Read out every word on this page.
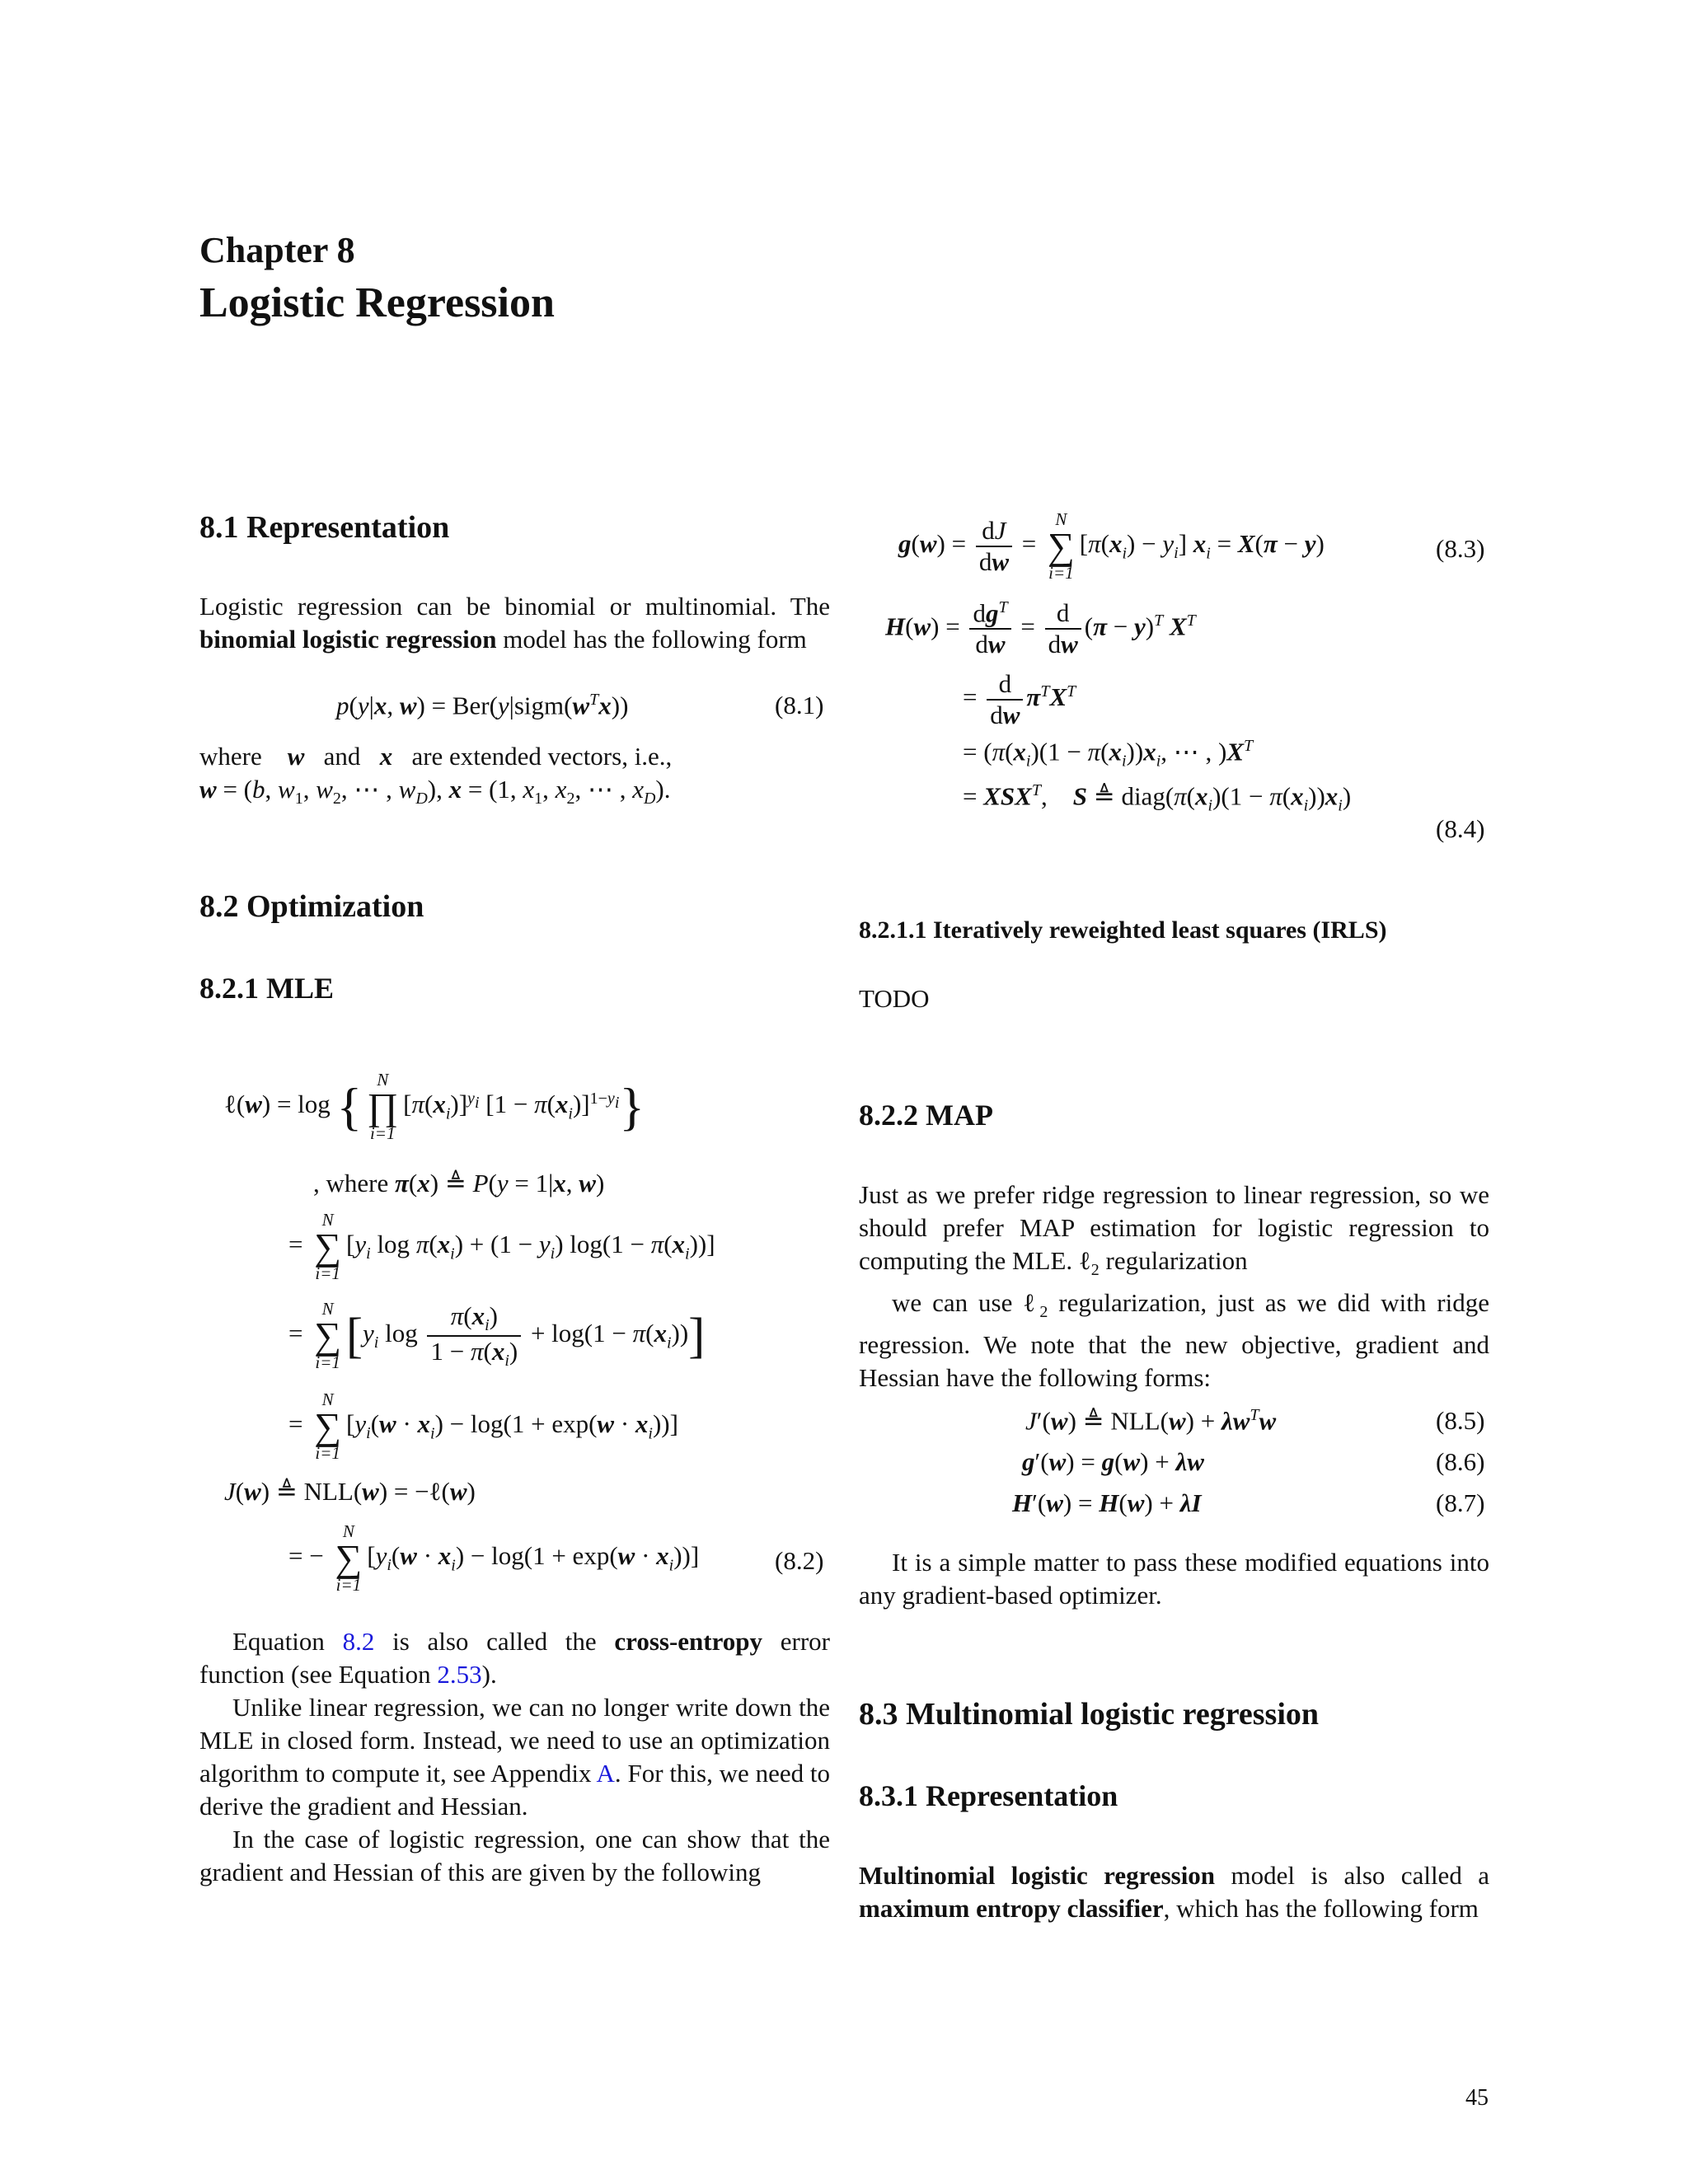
Chapter 8
Logistic Regression
8.1 Representation
Logistic regression can be binomial or multinomial. The binomial logistic regression model has the following form
p(y|x, $w) = Ber(y|sigm(w^Tx))$	(8.1)
where w   and   x   are extended vectors, i.e.,
w = (b, $w_1$, $w_2$, ⋯ , $w_D$), x = (1, $x_1$, $x_2$, ⋯ , $x_D$).
8.2 Optimization
8.2.1 MLE
ℓ(w) = log { N
∏
i=1
$[\pi(x_i)]^{y_i}$ $[1 - \pi(x_i)]^{1-y_i}$}
, where π(x) ≜ P(y = 1|x, w)
=
N
∑
i=1
[$y_i$ $\log \pi(x_i) + (1 - y_i) \log(1 - \pi(x_i))$]
=
N
∑
i=1 [$y_i$ $\log \frac{\pi(x_i)}{1 - \pi(x_i)} + \log(1 - \pi(x_i))$]
=
N
∑
i=1
$[y_i(w \cdot x_i) - \log(1 + \exp(w \cdot x_i))]$
J(w) ≜ NLL(w) = −ℓ(w)
= −
N
∑
i=1
$[y_i(w \cdot x_i) - \log(1 + \exp(w \cdot x_i))]$	(8.2)
Equation 8.2 is also called the cross-entropy error function (see Equation 2.53).
Unlike linear regression, we can no longer write down the MLE in closed form. Instead, we need to use an optimization algorithm to compute it, see Appendix A. For this, we need to derive the gradient and Hessian.
In the case of logistic regression, one can show that the gradient and Hessian of this are given by the following
$g(w) = \frac{dJ}{dw}$ =
N
∑
i=1
$[\pi(x_i) - y_i] x_i = X(\pi - y)$	(8.3)
$H(w) = \frac{dg^T}{dw} = \frac{d}{dw} (\pi - y)^T$ $X^T$
= $\frac{d}{dw} \pi^TX^T$
= ($\pi(x_i)(1 - \pi(x_i))x_i$, ⋯ , )$X^T$
= $XSX^T$,    S ≜ $diag(\pi(x_i)(1 - \pi(x_i))x_i)$
(8.4)
8.2.1.1 Iteratively reweighted least squares (IRLS)
TODO
8.2.2 MAP
Just as we prefer ridge regression to linear regression, so we should prefer MAP estimation for logistic regression to computing the MLE. ℓ$_2$ regularization
we can use ℓ$_2$ regularization, just as we did with ridge regression. We note that the new objective, gradient and Hessian have the following forms:
J′(w) ≜ $NLL(w) + \lambda w^Tw$	(8.5)
g′(w) = g(w) + λw	(8.6)
H′(w) = H(w) + λI	(8.7)
It is a simple matter to pass these modified equations into any gradient-based optimizer.
8.3 Multinomial logistic regression
8.3.1 Representation
Multinomial logistic regression model is also called a maximum entropy classifier, which has the following form
45
